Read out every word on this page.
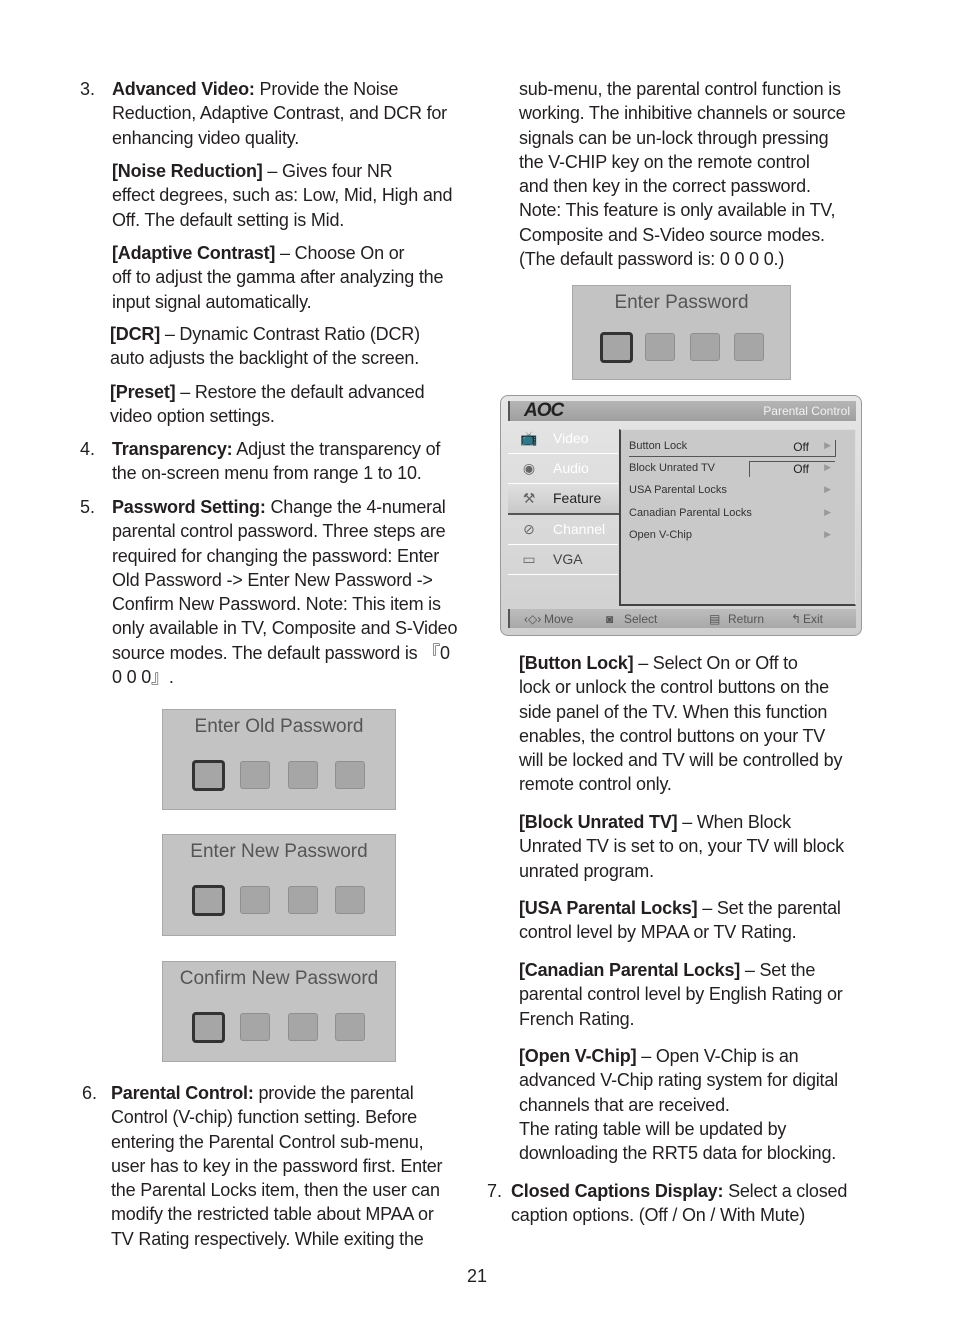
3. Advanced Video: Provide the Noise
Reduction, Adaptive Contrast, and DCR for
enhancing video quality.
[Noise Reduction] – Gives four NR
effect degrees, such as: Low, Mid, High and
Off. The default setting is Mid.
[Adaptive Contrast] – Choose On or
off to adjust the gamma after analyzing the
input signal automatically.
[DCR] – Dynamic Contrast Ratio (DCR)
auto adjusts the backlight of the screen.
[Preset] – Restore the default advanced
video option settings.
4. Transparency: Adjust the transparency of
the on-screen menu from range 1 to 10.
5. Password Setting: Change the 4-numeral
parental control password. Three steps are
required for changing the password: Enter
Old Password -> Enter New Password ->
Confirm New Password. Note: This item is
only available in TV, Composite and S-Video
source modes. The default password is 『0
0 0 0』.
Enter Old Password
Enter New Password
Confirm New Password
6. Parental Control: provide the parental
Control (V-chip) function setting. Before
entering the Parental Control sub-menu,
user has to key in the password first. Enter
the Parental Locks item, then the user can
modify the restricted table about MPAA or
TV Rating respectively. While exiting the
sub-menu, the parental control function is
working. The inhibitive channels or source
signals can be un-lock through pressing
the V-CHIP key on the remote control
and then key in the correct password.
Note: This feature is only available in TV,
Composite and S-Video source modes.
(The default password is: 0 0 0 0.)
Enter Password
AOC	Parental Control
📺 Video
◉ Audio
⚒ Feature
⊘ Channel
▭ VGA
Button Lock	Off ▶
Block Unrated TV	Off ▶
USA Parental Locks	▶
Canadian Parental Locks	▶
Open V-Chip	▶
‹◇› Move	◙ Select	▤ Return ↰ Exit
[Button Lock] – Select On or Off to
lock or unlock the control buttons on the
side panel of the TV. When this function
enables, the control buttons on your TV
will be locked and TV will be controlled by
remote control only.
[Block Unrated TV] – When Block
Unrated TV is set to on, your TV will block
unrated program.
[USA Parental Locks] – Set the parental
control level by MPAA or TV Rating.
[Canadian Parental Locks] – Set the
parental control level by English Rating or
French Rating.
[Open V-Chip] – Open V-Chip is an
advanced V-Chip rating system for digital
channels that are received.
The rating table will be updated by
downloading the RRT5 data for blocking.
7. Closed Captions Display: Select a closed
caption options. (Off / On / With Mute)
21
